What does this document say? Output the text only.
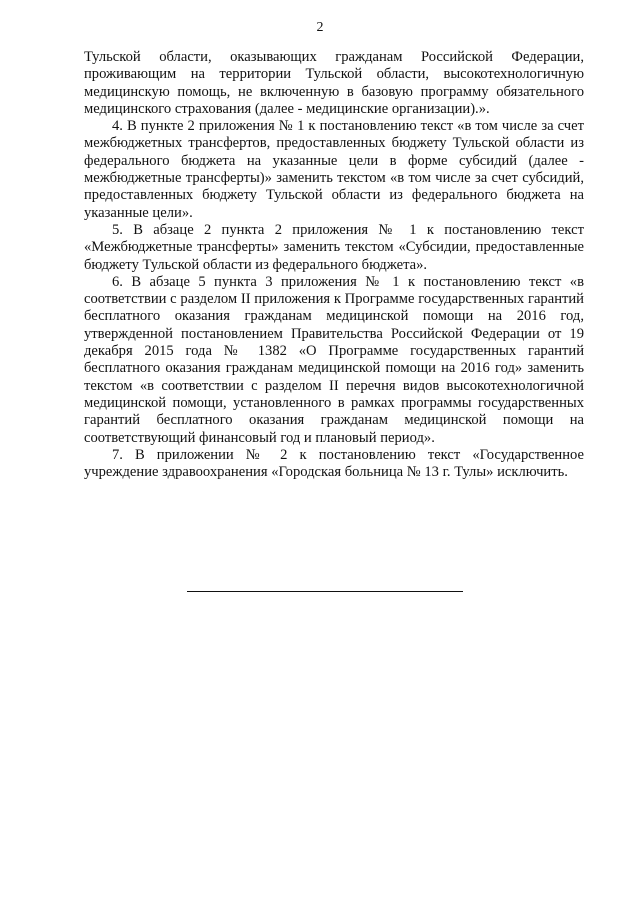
2

Тульской области, оказывающих гражданам Российской Федерации, проживающим на территории Тульской области, высокотехнологичную медицинскую помощь, не включенную в базовую программу обязательного медицинского страхования (далее - медицинские организации).».

4. В пункте 2 приложения № 1 к постановлению текст «в том числе за счет межбюджетных трансфертов, предоставленных бюджету Тульской области из федерального бюджета на указанные цели в форме субсидий (далее - межбюджетные трансферты)» заменить текстом «в том числе за счет субсидий, предоставленных бюджету Тульской области из федерального бюджета на указанные цели».

5. В абзаце 2 пункта 2 приложения № 1 к постановлению текст «Межбюджетные трансферты» заменить текстом «Субсидии, предоставленные бюджету Тульской области из федерального бюджета».

6. В абзаце 5 пункта 3 приложения № 1 к постановлению текст «в соответствии с разделом II приложения к Программе государственных гарантий бесплатного оказания гражданам медицинской помощи на 2016 год, утвержденной постановлением Правительства Российской Федерации от 19 декабря 2015 года № 1382 «О Программе государственных гарантий бесплатного оказания гражданам медицинской помощи на 2016 год» заменить текстом «в соответствии с разделом II перечня видов высокотехнологичной медицинской помощи, установленного в рамках программы государственных гарантий бесплатного оказания гражданам медицинской помощи на соответствующий финансовый год и плановый период».

7. В приложении № 2 к постановлению текст «Государственное учреждение здравоохранения «Городская больница № 13 г. Тулы» исключить.
